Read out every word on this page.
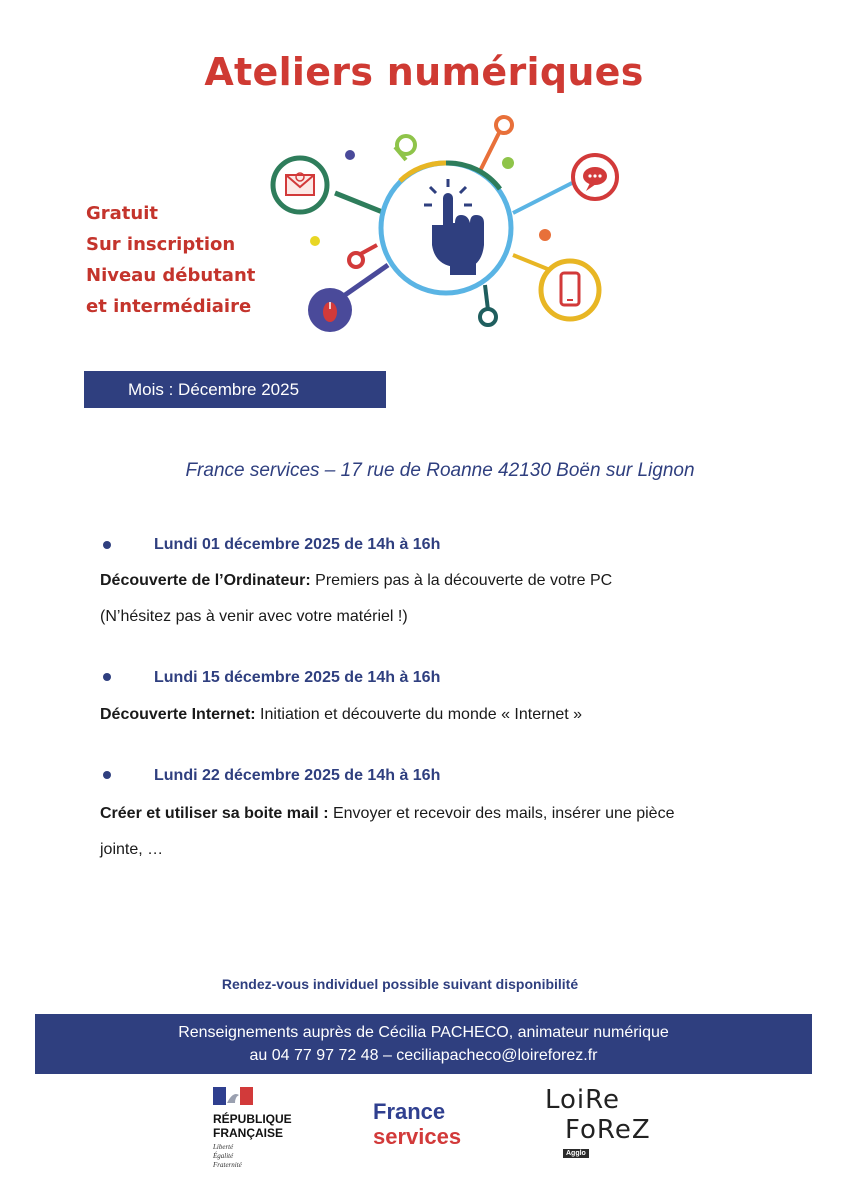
Ateliers numériques
Gratuit
Sur inscription
Niveau débutant
et intermédiaire
Mois : Décembre 2025
France services – 17 rue de Roanne 42130 Boën sur Lignon
Lundi 01 décembre 2025 de 14h à 16h
Découverte de l’Ordinateur: Premiers pas à la découverte de votre PC
(N’hésitez pas à venir avec votre matériel !)
Lundi 15 décembre 2025 de 14h à 16h
Découverte Internet: Initiation et découverte du monde « Internet »
Lundi 22 décembre 2025 de 14h à 16h
Créer et utiliser sa boite mail : Envoyer et recevoir des mails, insérer une pièce jointe, …
Rendez-vous individuel possible suivant disponibilité
Renseignements auprès de Cécilia PACHECO, animateur numérique
au 04 77 97 72 48 – ceciliapacheco@loireforez.fr
RÉPUBLIQUE
FRANÇAISE
Liberté
Égalité
Fraternité
France
services
LoiRe
FoReZ
Agglo
